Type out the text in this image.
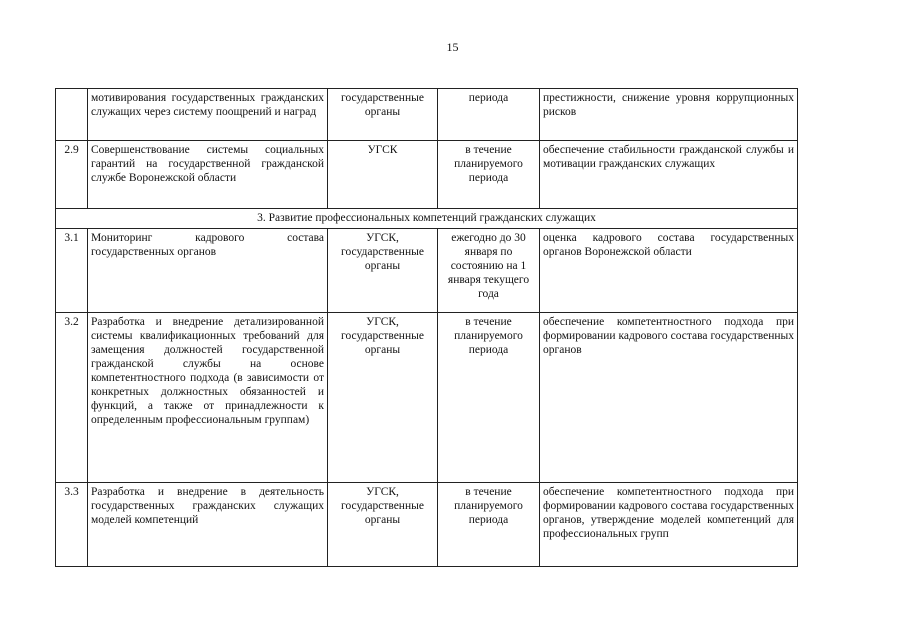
15
	мотивирования государственных гражданских служащих через систему поощрений и наград	государственные органы	периода	престижности, снижение уровня коррупционных рисков
2.9	Совершенствование системы социальных гарантий на государственной гражданской службе Воронежской области	УГСК	в течение планируемого периода	обеспечение стабильности гражданской службы и мотивации гражданских служащих
3. Развитие профессиональных компетенций гражданских служащих				
3.1	Мониторинг кадрового состава государственных органов	УГСК, государственные органы	ежегодно до 30 января по состоянию на 1 января текущего года	оценка кадрового состава государственных органов Воронежской области
3.2	Разработка и внедрение детализированной системы квалификационных требований для замещения должностей государственной гражданской службы на основе компетентностного подхода (в зависимости от конкретных должностных обязанностей и функций, а также от принадлежности к определенным профессиональным группам)	УГСК, государственные органы	в течение планируемого периода	обеспечение компетентностного подхода при формировании кадрового состава государственных органов
3.3	Разработка и внедрение в деятельность государственных гражданских служащих моделей компетенций	УГСК, государственные органы	в течение планируемого периода	обеспечение компетентностного подхода при формировании кадрового состава государственных органов, утверждение моделей компетенций для профессиональных групп
